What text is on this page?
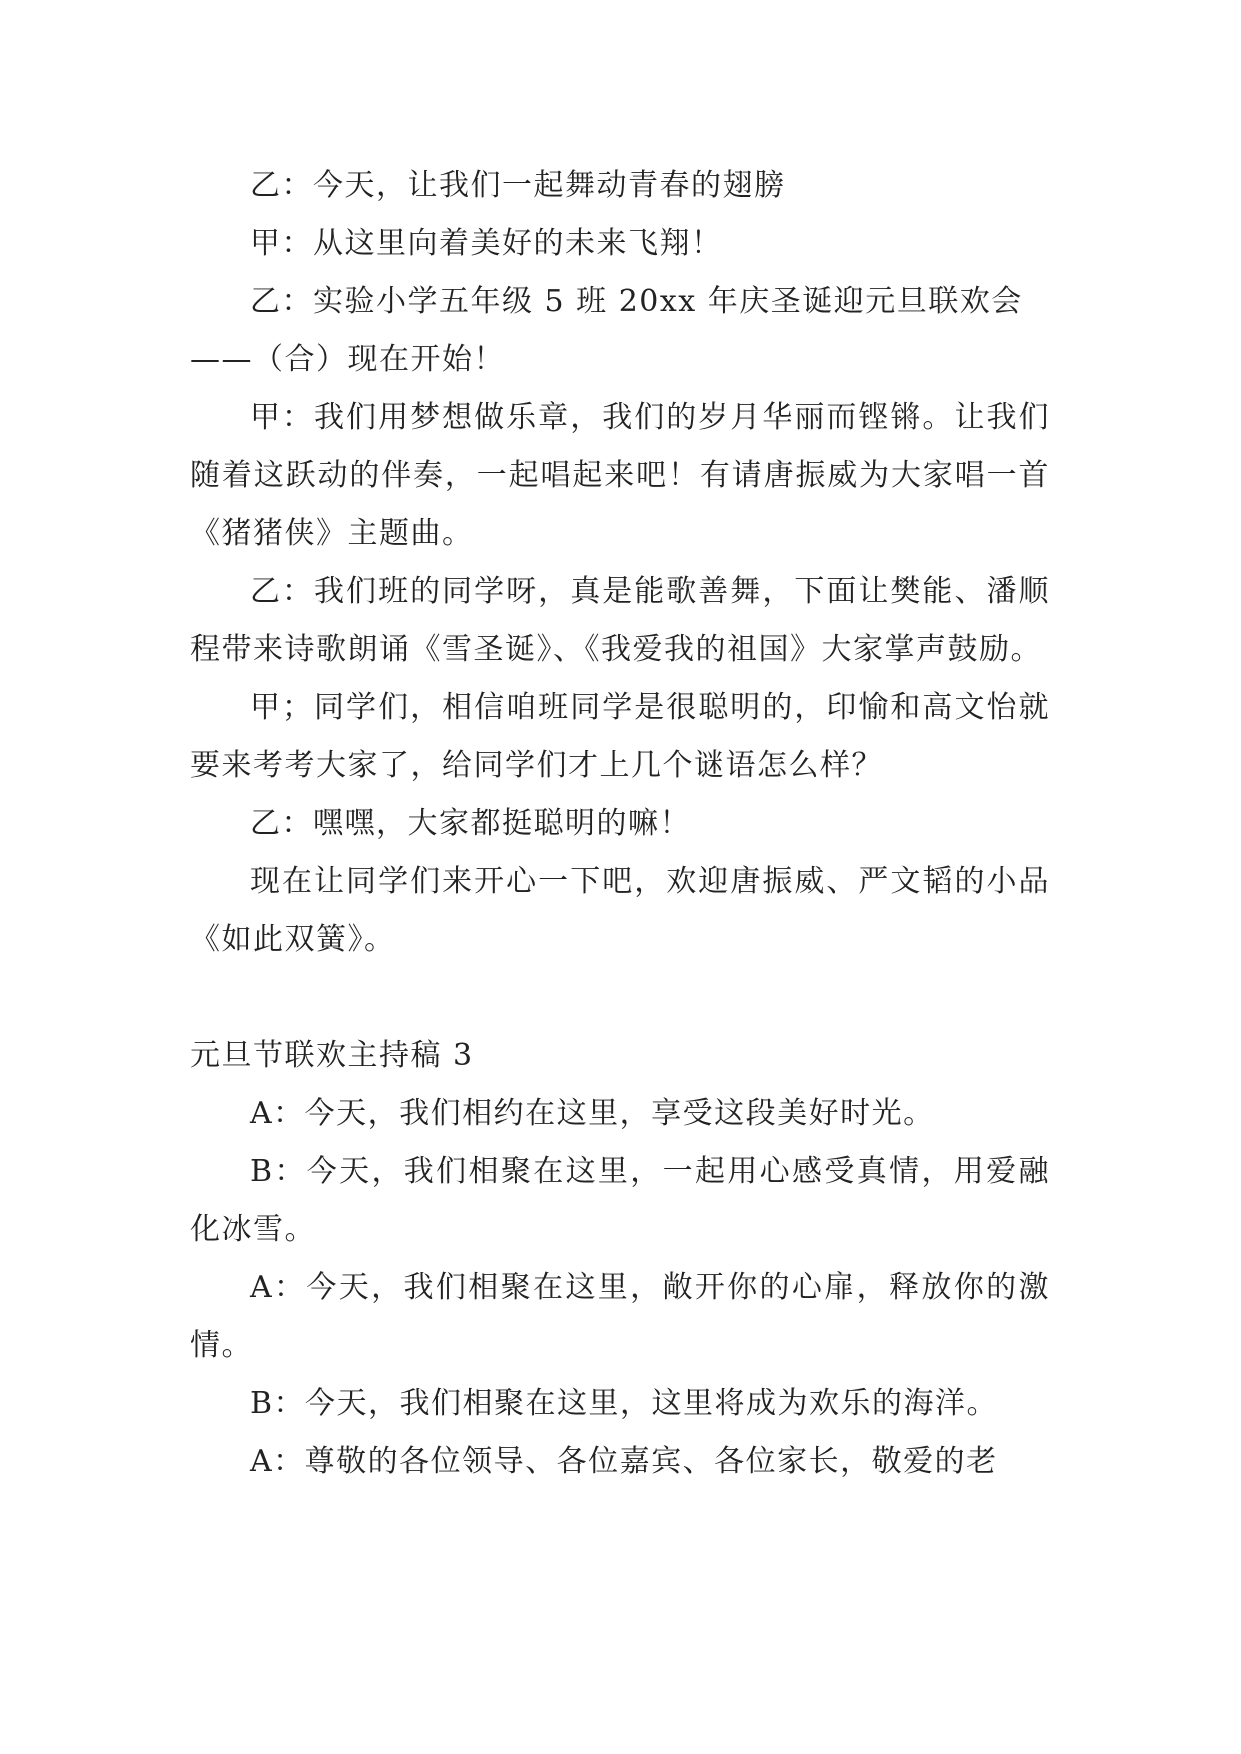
乙：今天，让我们一起舞动青春的翅膀

甲：从这里向着美好的未来飞翔！

乙：实验小学五年级 5 班 20xx 年庆圣诞迎元旦联欢会

——（合）现在开始！

甲：我们用梦想做乐章，我们的岁月华丽而铿锵。让我们随着这跃动的伴奏，一起唱起来吧！有请唐振威为大家唱一首《猪猪侠》主题曲。

乙：我们班的同学呀，真是能歌善舞，下面让樊能、潘顺程带来诗歌朗诵《雪圣诞》、《我爱我的祖国》大家掌声鼓励。

甲；同学们，相信咱班同学是很聪明的，印愉和高文怡就要来考考大家了，给同学们才上几个谜语怎么样？

乙：嘿嘿，大家都挺聪明的嘛！

现在让同学们来开心一下吧，欢迎唐振威、严文韬的小品《如此双簧》。

元旦节联欢主持稿 3

A：今天，我们相约在这里，享受这段美好时光。

B：今天，我们相聚在这里，一起用心感受真情，用爱融化冰雪。

A：今天，我们相聚在这里，敞开你的心扉，释放你的激情。

B：今天，我们相聚在这里，这里将成为欢乐的海洋。

A：尊敬的各位领导、各位嘉宾、各位家长，敬爱的老
